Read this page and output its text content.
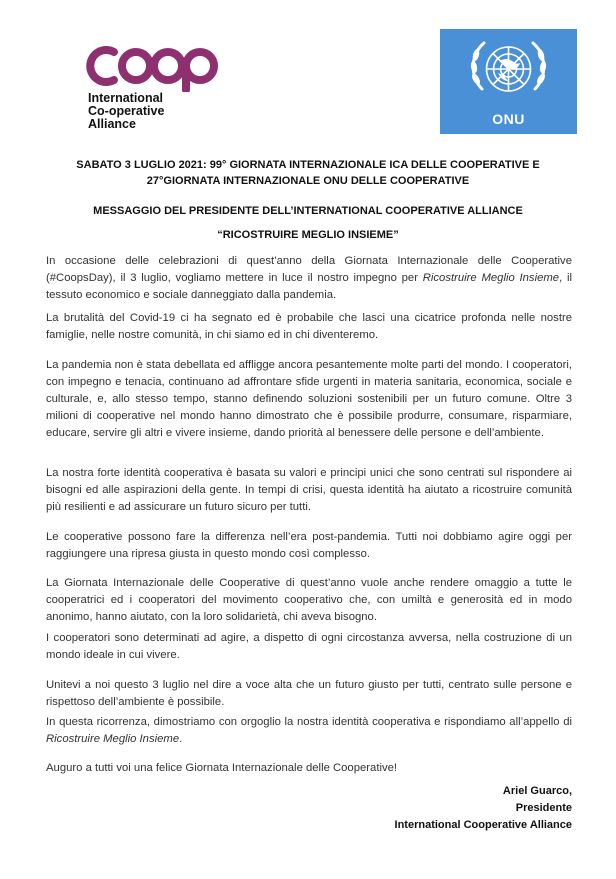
International
Co-operative
Alliance	ONU
SABATO 3 LUGLIO 2021: 99° GIORNATA INTERNAZIONALE ICA DELLE COOPERATIVE E
27°GIORNATA INTERNAZIONALE ONU DELLE COOPERATIVE
MESSAGGIO DEL PRESIDENTE DELL’INTERNATIONAL COOPERATIVE ALLIANCE
“RICOSTRUIRE MEGLIO INSIEME”

In occasione delle celebrazioni di quest’anno della Giornata Internazionale delle Cooperative (#CoopsDay), il 3 luglio, vogliamo mettere in luce il nostro impegno per Ricostruire Meglio Insieme, il tessuto economico e sociale danneggiato dalla pandemia.

La brutalità del Covid-19 ci ha segnato ed è probabile che lasci una cicatrice profonda nelle nostre famiglie, nelle nostre comunità, in chi siamo ed in chi diventeremo.

La pandemia non è stata debellata ed affligge ancora pesantemente molte parti del mondo. I cooperatori, con impegno e tenacia, continuano ad affrontare sfide urgenti in materia sanitaria, economica, sociale e culturale, e, allo stesso tempo, stanno definendo soluzioni sostenibili per un futuro comune. Oltre 3 milioni di cooperative nel mondo hanno dimostrato che è possibile produrre, consumare, risparmiare, educare, servire gli altri e vivere insieme, dando priorità al benessere delle persone e dell’ambiente.

La nostra forte identità cooperativa è basata su valori e principi unici che sono centrati sul rispondere ai bisogni ed alle aspirazioni della gente. In tempi di crisi, questa identità ha aiutato a ricostruire comunità più resilienti e ad assicurare un futuro sicuro per tutti.

Le cooperative possono fare la differenza nell’era post-pandemia. Tutti noi dobbiamo agire oggi per raggiungere una ripresa giusta in questo mondo così complesso.

La Giornata Internazionale delle Cooperative di quest’anno vuole anche rendere omaggio a tutte le cooperatrici ed i cooperatori del movimento cooperativo che, con umiltà e generosità ed in modo anonimo, hanno aiutato, con la loro solidarietà, chi aveva bisogno.

I cooperatori sono determinati ad agire, a dispetto di ogni circostanza avversa, nella costruzione di un mondo ideale in cui vivere.

Unitevi a noi questo 3 luglio nel dire a voce alta che un futuro giusto per tutti, centrato sulle persone e rispettoso dell’ambiente è possibile.

In questa ricorrenza, dimostriamo con orgoglio la nostra identità cooperativa e rispondiamo all’appello di Ricostruire Meglio Insieme.

Auguro a tutti voi una felice Giornata Internazionale delle Cooperative!

Ariel Guarco,
Presidente
International Cooperative Alliance
